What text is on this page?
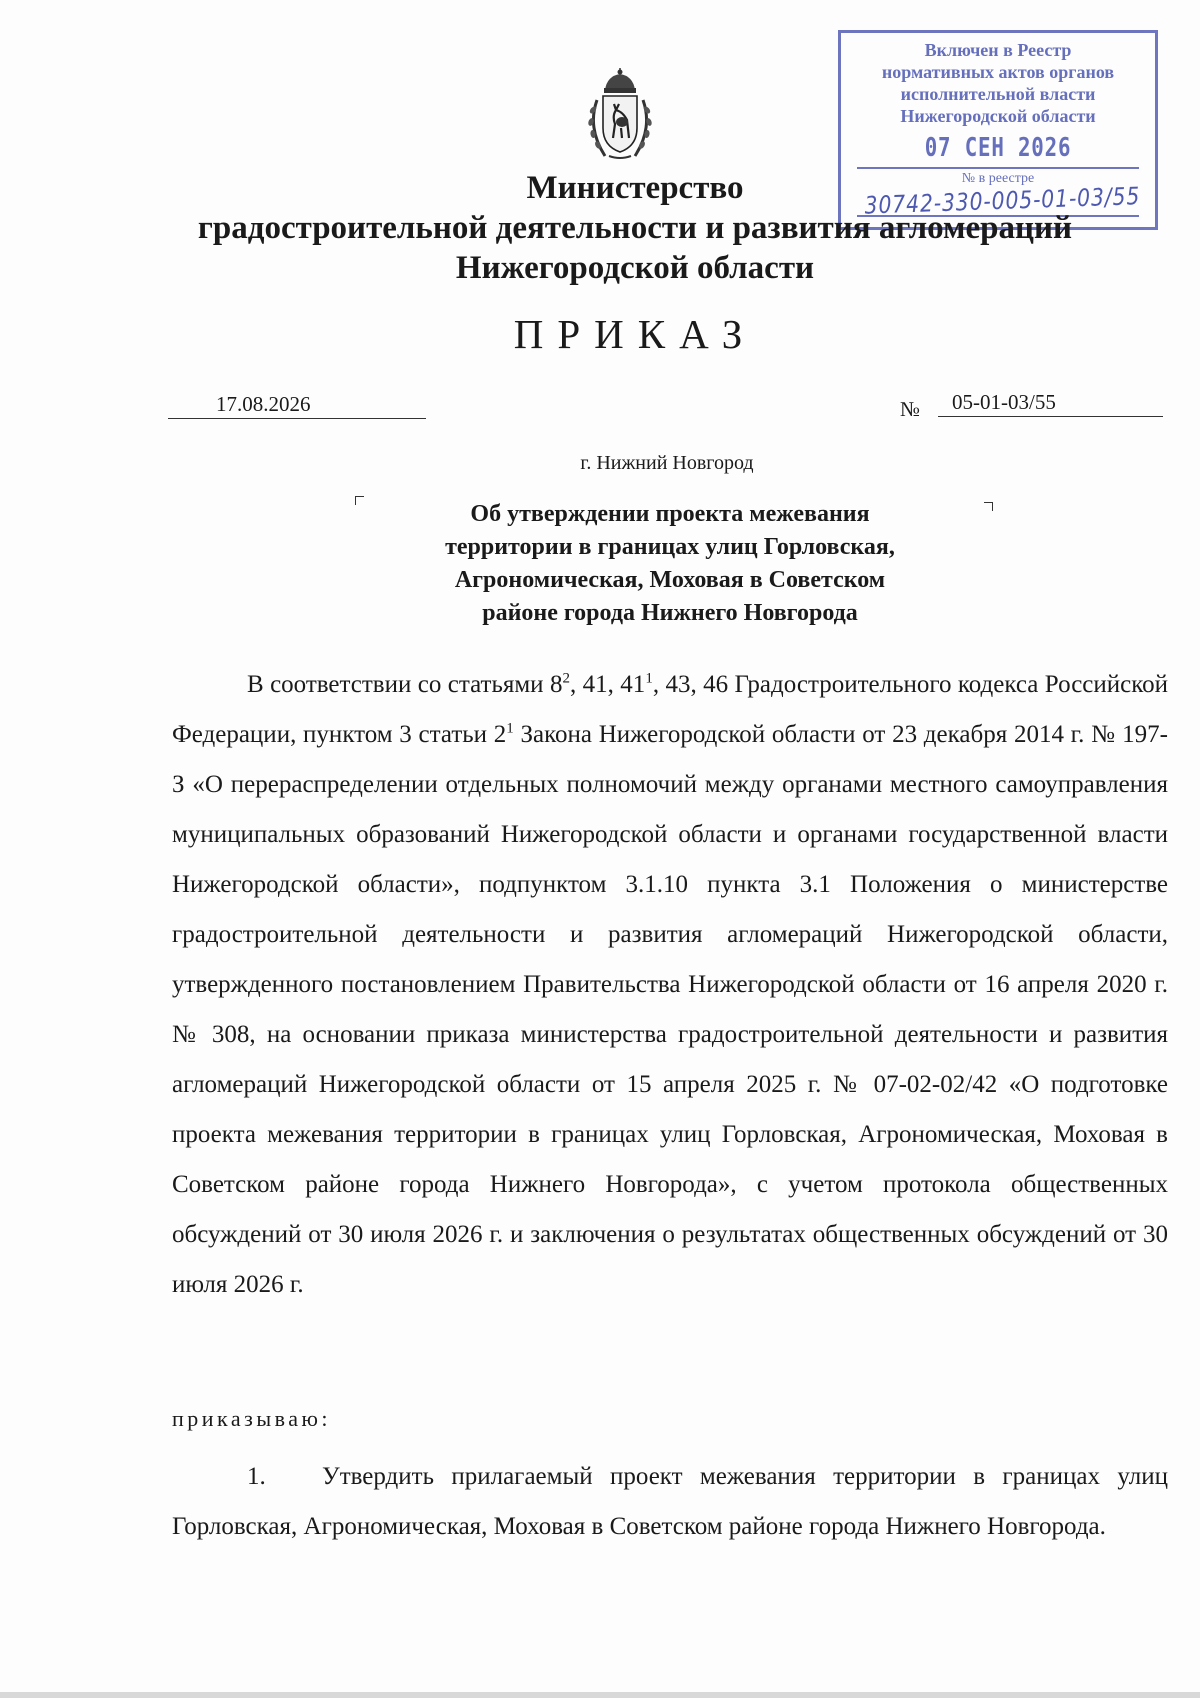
Включен в Реестр
нормативных актов органов
исполнительной власти
Нижегородской области
07 СЕН 2026
№ в реестре
30742-330-005-01-03/55
Министерство
градостроительной деятельности и развития агломераций
Нижегородской области
ПРИКАЗ
17.08.2026	№	05-01-03/55
г. Нижний Новгород
Об утверждении проекта межевания
территории в границах улиц Горловская,
Агрономическая, Моховая в Советском
районе города Нижнего Новгорода
В соответствии со статьями $8^2$, 41, $41^1$, 43, 46 Градостроительного кодекса Российской Федерации, пунктом 3 статьи $2^1$ Закона Нижегородской области от 23 декабря 2014 г. № 197-З «О перераспределении отдельных полномочий между органами местного самоуправления муниципальных образований Нижегородской области и органами государственной власти Нижегородской области», подпунктом 3.1.10 пункта 3.1 Положения о министерстве градостроительной деятельности и развития агломераций Нижегородской области, утвержденного постановлением Правительства Нижегородской области от 16 апреля 2020 г. № 308, на основании приказа министерства градостроительной деятельности и развития агломераций Нижегородской области от 15 апреля 2025 г. № 07-02-02/42 «О подготовке проекта межевания территории в границах улиц Горловская, Агрономическая, Моховая в Советском районе города Нижнего Новгорода», с учетом протокола общественных обсуждений от 30 июля 2026 г. и заключения о результатах общественных обсуждений от 30 июля 2026 г.
приказываю:
1. Утвердить прилагаемый проект межевания территории в границах улиц Горловская, Агрономическая, Моховая в Советском районе города Нижнего Новгорода.
